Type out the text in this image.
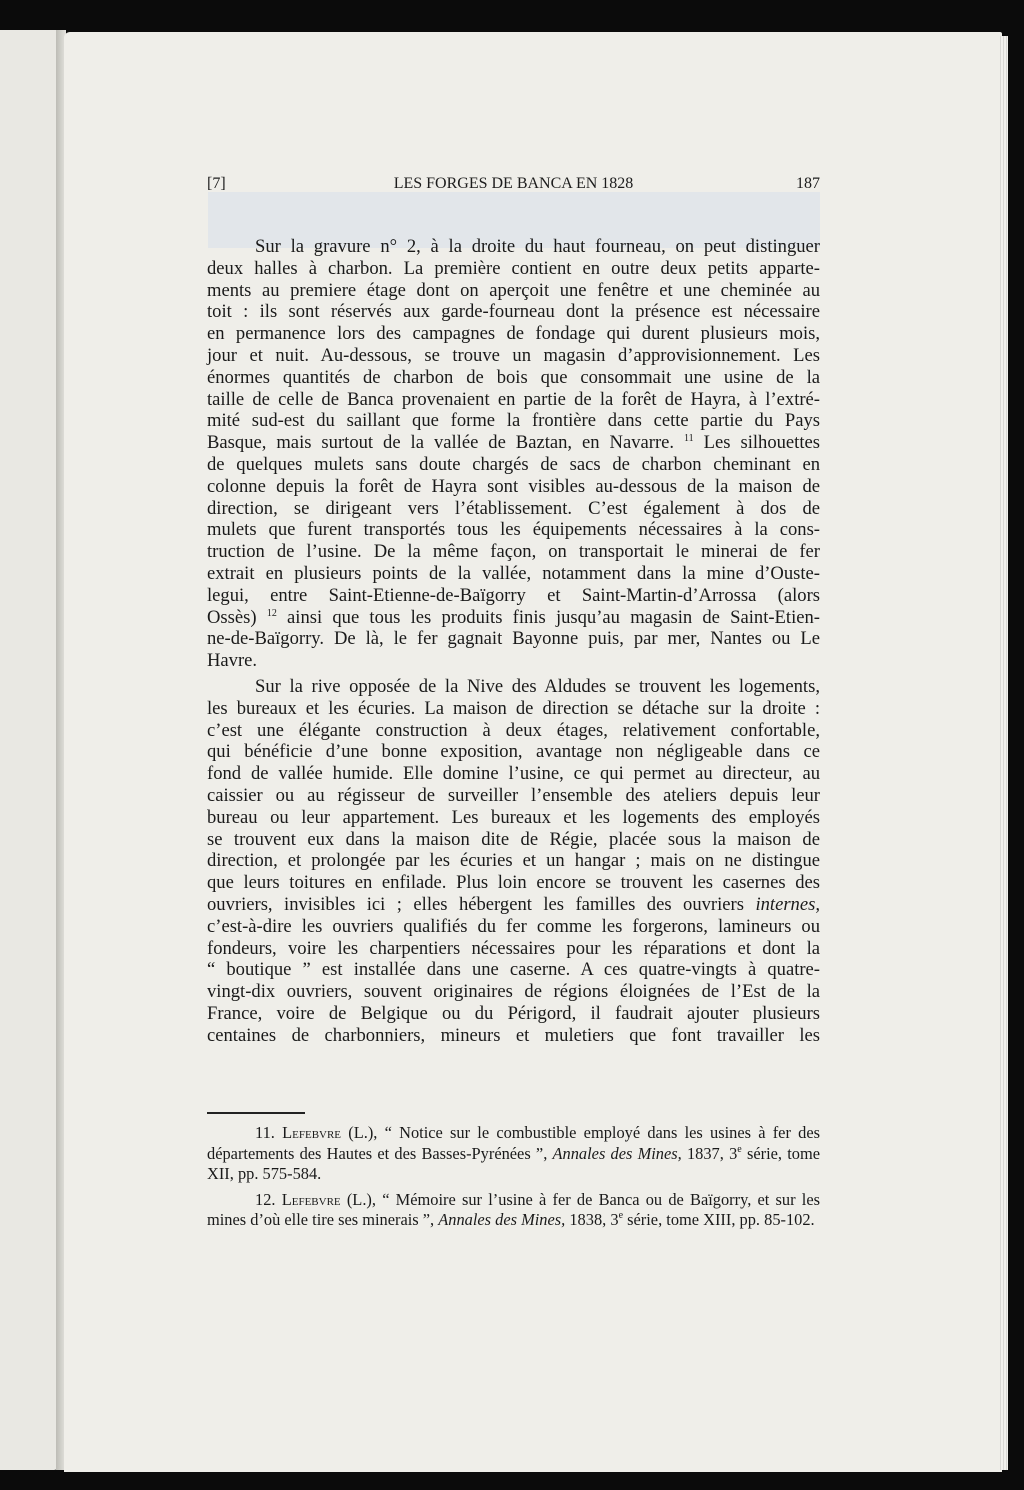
[7]	LES FORGES DE BANCA EN 1828	187
Sur la gravure n° 2, à la droite du haut fourneau, on peut distinguer
deux halles à charbon. La première contient en outre deux petits apparte-
ments au premiere étage dont on aperçoit une fenêtre et une cheminée au
toit : ils sont réservés aux garde-fourneau dont la présence est nécessaire
en permanence lors des campagnes de fondage qui durent plusieurs mois,
jour et nuit. Au-dessous, se trouve un magasin d’approvisionnement. Les
énormes quantités de charbon de bois que consommait une usine de la
taille de celle de Banca provenaient en partie de la forêt de Hayra, à l’extré-
mité sud-est du saillant que forme la frontière dans cette partie du Pays
Basque, mais surtout de la vallée de Baztan, en Navarre. $^{11}$ Les silhouettes
de quelques mulets sans doute chargés de sacs de charbon cheminant en
colonne depuis la forêt de Hayra sont visibles au-dessous de la maison de
direction, se dirigeant vers l’établissement. C’est également à dos de
mulets que furent transportés tous les équipements nécessaires à la cons-
truction de l’usine. De la même façon, on transportait le minerai de fer
extrait en plusieurs points de la vallée, notamment dans la mine d’Ouste-
legui, entre Saint-Etienne-de-Baïgorry et Saint-Martin-d’Arrossa (alors
Ossès) $^{12}$ ainsi que tous les produits finis jusqu’au magasin de Saint-Etien-
ne-de-Baïgorry. De là, le fer gagnait Bayonne puis, par mer, Nantes ou Le
Havre.
Sur la rive opposée de la Nive des Aldudes se trouvent les logements,
les bureaux et les écuries. La maison de direction se détache sur la droite :
c’est une élégante construction à deux étages, relativement confortable,
qui bénéficie d’une bonne exposition, avantage non négligeable dans ce
fond de vallée humide. Elle domine l’usine, ce qui permet au directeur, au
caissier ou au régisseur de surveiller l’ensemble des ateliers depuis leur
bureau ou leur appartement. Les bureaux et les logements des employés
se trouvent eux dans la maison dite de Régie, placée sous la maison de
direction, et prolongée par les écuries et un hangar ; mais on ne distingue
que leurs toitures en enfilade. Plus loin encore se trouvent les casernes des
ouvriers, invisibles ici ; elles hébergent les familles des ouvriers internes,
c’est-à-dire les ouvriers qualifiés du fer comme les forgerons, lamineurs ou
fondeurs, voire les charpentiers nécessaires pour les réparations et dont la
“ boutique ” est installée dans une caserne. A ces quatre-vingts à quatre-
vingt-dix ouvriers, souvent originaires de régions éloignées de l’Est de la
France, voire de Belgique ou du Périgord, il faudrait ajouter plusieurs
centaines de charbonniers, mineurs et muletiers que font travailler les
11. Lefebvre (L.), “ Notice sur le combustible employé dans les usines à fer des départements des Hautes et des Basses-Pyrénées ”, Annales des Mines, 1837, 3e série, tome XII, pp. 575-584.
12. Lefebvre (L.), “ Mémoire sur l’usine à fer de Banca ou de Baïgorry, et sur les mines d’où elle tire ses minerais ”, Annales des Mines, 1838, 3e série, tome XIII, pp. 85-102.
